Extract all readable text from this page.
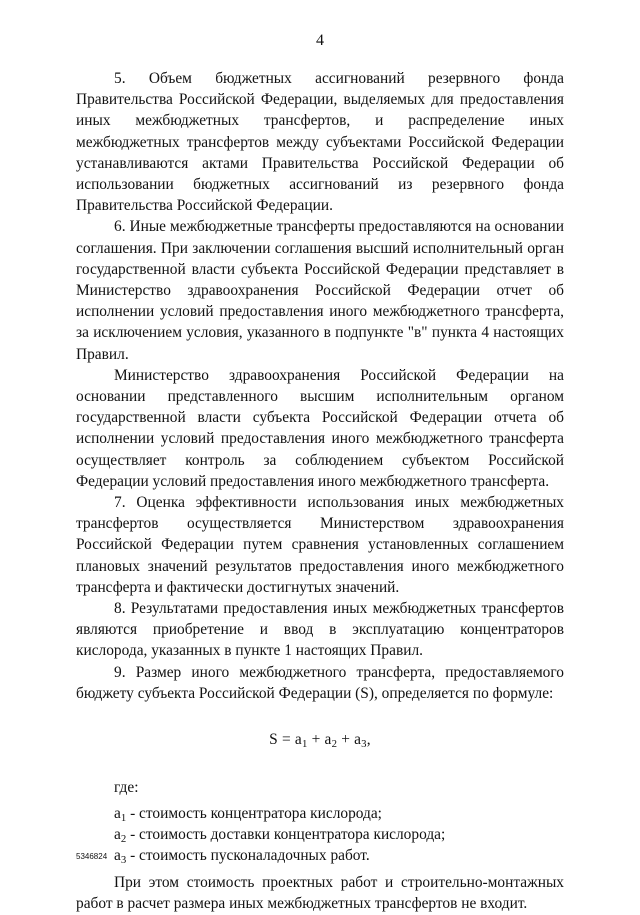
4

5. Объем бюджетных ассигнований резервного фонда Правительства Российской Федерации, выделяемых для предоставления иных межбюджетных трансфертов, и распределение иных межбюджетных трансфертов между субъектами Российской Федерации устанавливаются актами Правительства Российской Федерации об использовании бюджетных ассигнований из резервного фонда Правительства Российской Федерации.

6. Иные межбюджетные трансферты предоставляются на основании соглашения. При заключении соглашения высший исполнительный орган государственной власти субъекта Российской Федерации представляет в Министерство здравоохранения Российской Федерации отчет об исполнении условий предоставления иного межбюджетного трансферта, за исключением условия, указанного в подпункте "в" пункта 4 настоящих Правил.

Министерство здравоохранения Российской Федерации на основании представленного высшим исполнительным органом государственной власти субъекта Российской Федерации отчета об исполнении условий предоставления иного межбюджетного трансферта осуществляет контроль за соблюдением субъектом Российской Федерации условий предоставления иного межбюджетного трансферта.

7. Оценка эффективности использования иных межбюджетных трансфертов осуществляется Министерством здравоохранения Российской Федерации путем сравнения установленных соглашением плановых значений результатов предоставления иного межбюджетного трансферта и фактически достигнутых значений.

8. Результатами предоставления иных межбюджетных трансфертов являются приобретение и ввод в эксплуатацию концентраторов кислорода, указанных в пункте 1 настоящих Правил.

9. Размер иного межбюджетного трансферта, предоставляемого бюджету субъекта Российской Федерации (S), определяется по формуле:

$S = a_1 + a_2 + a_3$,

где:

$a_1$ - стоимость концентратора кислорода;

$a_2$ - стоимость доставки концентратора кислорода;

$a_3$ - стоимость пусконаладочных работ.

При этом стоимость проектных работ и строительно-монтажных работ в расчет размера иных межбюджетных трансфертов не входит.

5346824
